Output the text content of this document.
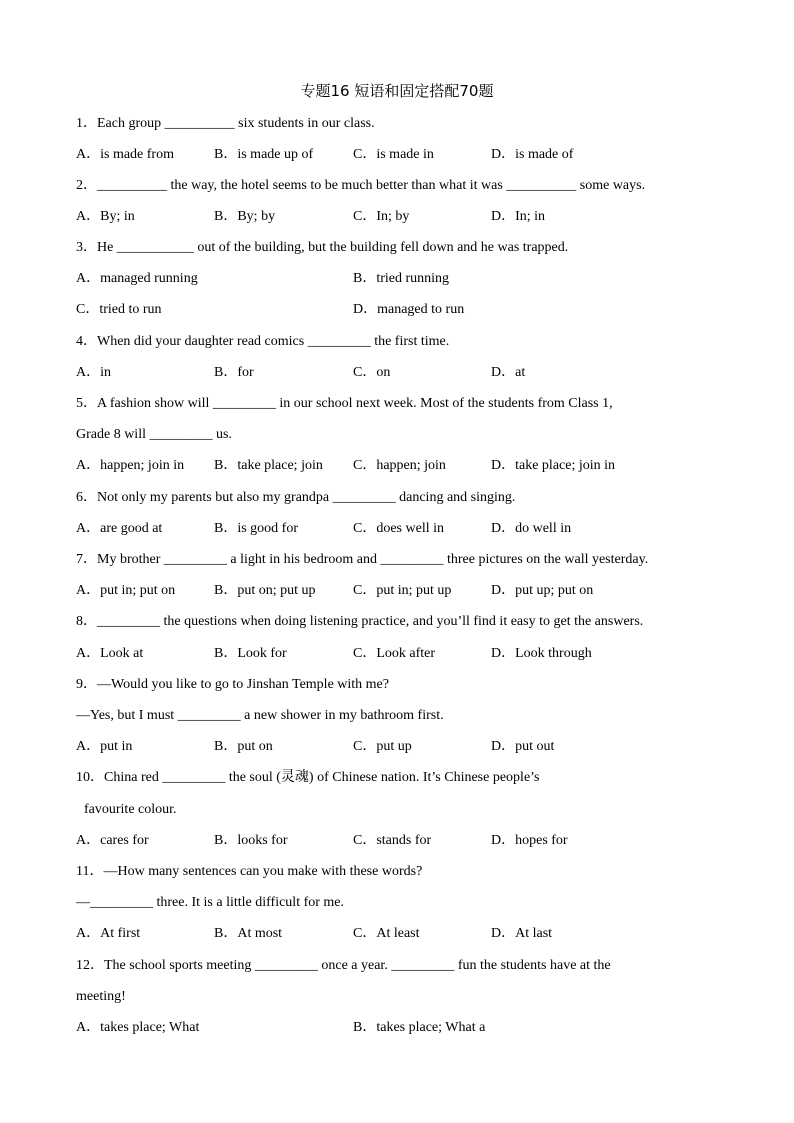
专题16 短语和固定搭配70题
1．Each group __________ six students in our class.
A．is made from	B．is made up of	C．is made in	D．is made of
2．__________ the way, the hotel seems to be much better than what it was __________ some ways.
A．By; in	B．By; by	C．In; by	D．In; in
3．He ___________ out of the building, but the building fell down and he was trapped.
A．managed running	B．tried running
C．tried to run	D．managed to run
4．When did your daughter read comics _________ the first time.
A．in	B．for	C．on	D．at
5．A fashion show will _________ in our school next week. Most of the students from Class 1,
Grade 8 will _________ us.
A．happen; join in B．take place; join C．happen; join	D．take place; join in
6．Not only my parents but also my grandpa _________ dancing and singing.
A．are good at	B．is good for	C．does well in	D．do well in
7．My brother _________ a light in his bedroom and _________ three pictures on the wall yesterday.
A．put in; put on	B．put on; put up	C．put in; put up	D．put up; put on
8．_________ the questions when doing listening practice, and you’ll find it easy to get the answers.
A．Look at	B．Look for	C．Look after	D．Look through
9．—Would you like to go to Jinshan Temple with me?
—Yes, but I must _________ a new shower in my bathroom first.
A．put in	B．put on	C．put up	D．put out
10．China red _________ the soul (灵魂) of Chinese nation. It’s Chinese people’s
favourite colour.
A．cares for	B．looks for	C．stands for	D．hopes for
11．—How many sentences can you make with these words?
—_________ three. It is a little difficult for me.
A．At first	B．At most	C．At least	D．At last
12．The school sports meeting _________ once a year. _________ fun the students have at the
meeting!
A．takes place; What	B．takes place; What a
